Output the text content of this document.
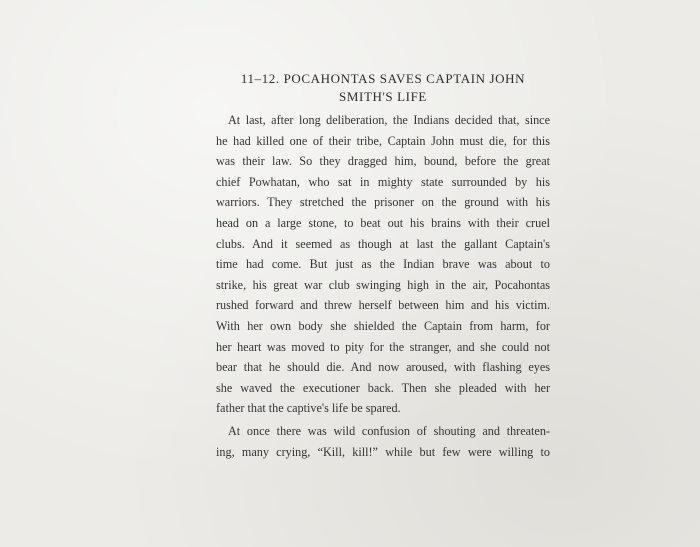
11–12. POCAHONTAS SAVES CAPTAIN JOHN
SMITH'S LIFE

At last, after long deliberation, the Indians decided that, since
he had killed one of their tribe, Captain John must die, for this
was their law. So they dragged him, bound, before the great
chief Powhatan, who sat in mighty state surrounded by his
warriors. They stretched the prisoner on the ground with his
head on a large stone, to beat out his brains with their cruel
clubs. And it seemed as though at last the gallant Captain's
time had come. But just as the Indian brave was about to
strike, his great war club swinging high in the air, Pocahontas
rushed forward and threw herself between him and his victim.
With her own body she shielded the Captain from harm, for
her heart was moved to pity for the stranger, and she could not
bear that he should die. And now aroused, with flashing eyes
she waved the executioner back. Then she pleaded with her
father that the captive's life be spared.

At once there was wild confusion of shouting and threaten-
ing, many crying, “Kill, kill!” while but few were willing to
